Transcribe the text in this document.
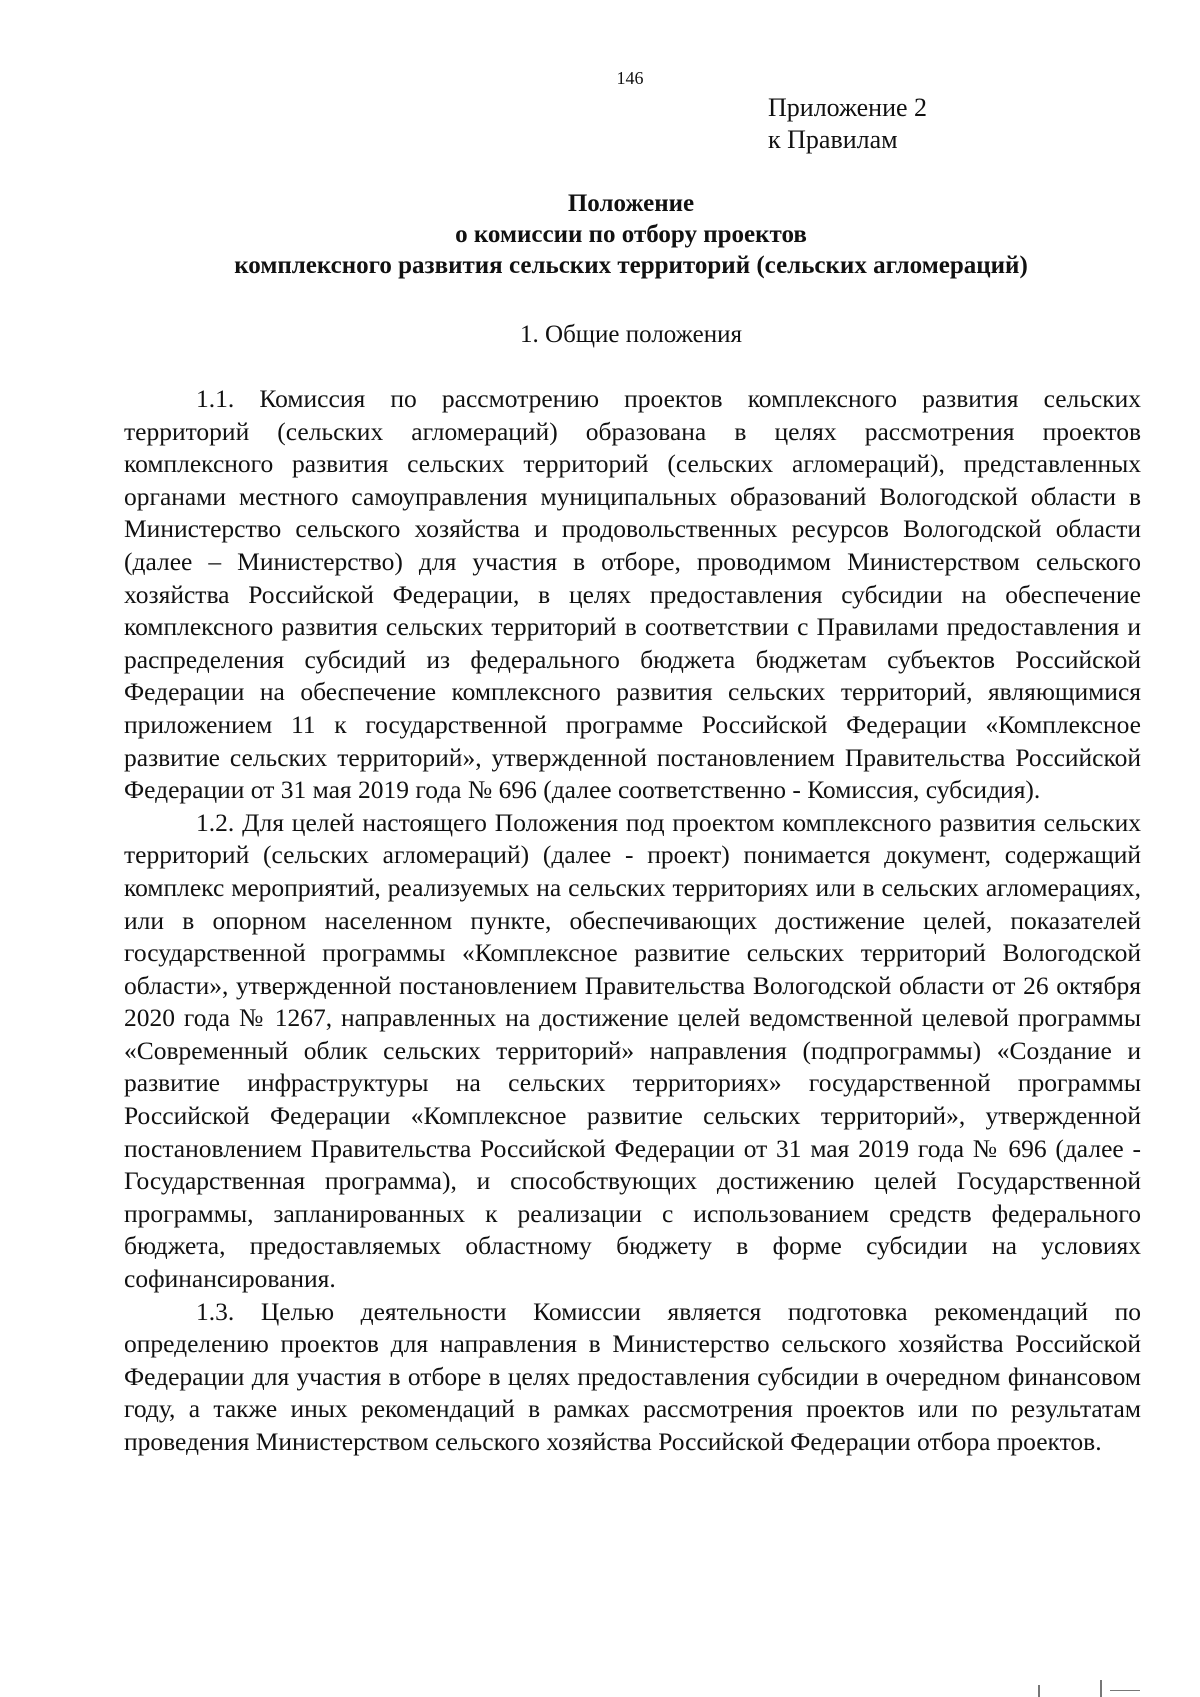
146
Приложение 2
к Правилам
Положение
о комиссии по отбору проектов
комплексного развития сельских территорий (сельских агломераций)
1. Общие положения

1.1. Комиссия по рассмотрению проектов комплексного развития сельских территорий (сельских агломераций) образована в целях рассмотрения проектов комплексного развития сельских территорий (сельских агломераций), представленных органами местного самоуправления муниципальных образований Вологодской области в Министерство сельского хозяйства и продовольственных ресурсов Вологодской области (далее – Министерство) для участия в отборе, проводимом Министерством сельского хозяйства Российской Федерации, в целях предоставления субсидии на обеспечение комплексного развития сельских территорий в соответствии с Правилами предоставления и распределения субсидий из федерального бюджета бюджетам субъектов Российской Федерации на обеспечение комплексного развития сельских территорий, являющимися приложением 11 к государственной программе Российской Федерации «Комплексное развитие сельских территорий», утвержденной постановлением Правительства Российской Федерации от 31 мая 2019 года № 696 (далее соответственно - Комиссия, субсидия).

1.2. Для целей настоящего Положения под проектом комплексного развития сельских территорий (сельских агломераций) (далее - проект) понимается документ, содержащий комплекс мероприятий, реализуемых на сельских территориях или в сельских агломерациях, или в опорном населенном пункте, обеспечивающих достижение целей, показателей государственной программы «Комплексное развитие сельских территорий Вологодской области», утвержденной постановлением Правительства Вологодской области от 26 октября 2020 года № 1267, направленных на достижение целей ведомственной целевой программы «Современный облик сельских территорий» направления (подпрограммы) «Создание и развитие инфраструктуры на сельских территориях» государственной программы Российской Федерации «Комплексное развитие сельских территорий», утвержденной постановлением Правительства Российской Федерации от 31 мая 2019 года № 696 (далее - Государственная программа), и способствующих достижению целей Государственной программы, запланированных к реализации с использованием средств федерального бюджета, предоставляемых областному бюджету в форме субсидии на условиях софинансирования.

1.3. Целью деятельности Комиссии является подготовка рекомендаций по определению проектов для направления в Министерство сельского хозяйства Российской Федерации для участия в отборе в целях предоставления субсидии в очередном финансовом году, а также иных рекомендаций в рамках рассмотрения проектов или по результатам проведения Министерством сельского хозяйства Российской Федерации отбора проектов.
